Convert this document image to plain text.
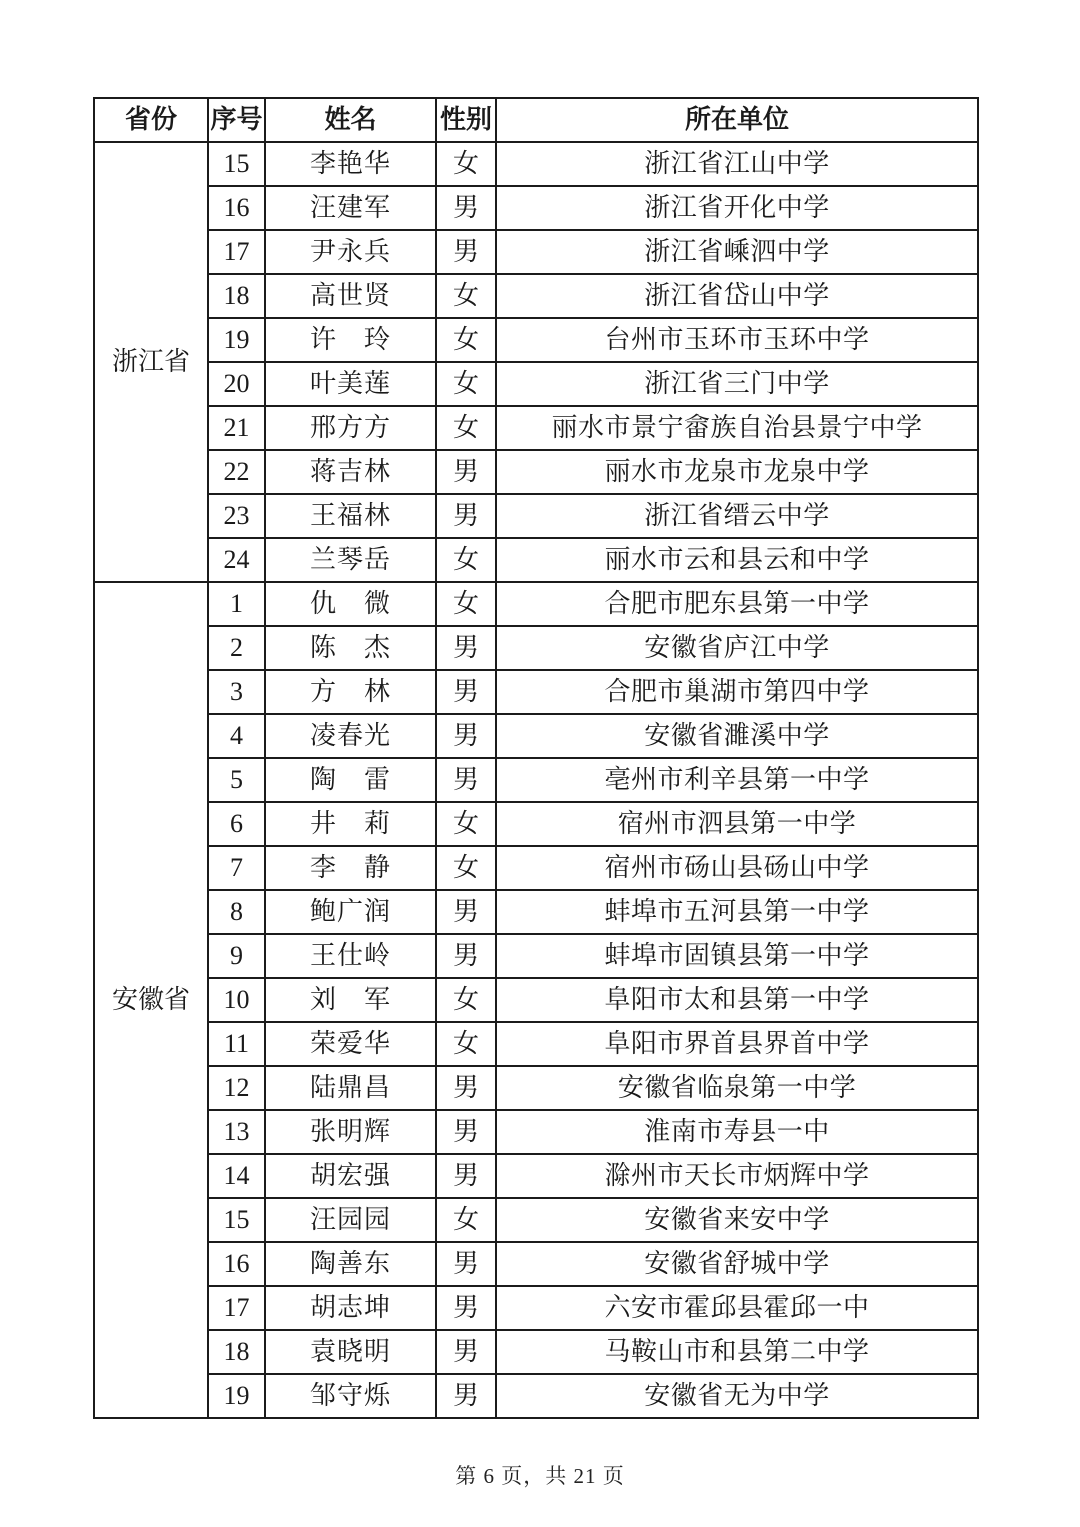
省份	序号	姓名	性别	所在单位
浙江省	15	李艳华	女	浙江省江山中学
	16	汪建军	男	浙江省开化中学
	17	尹永兵	男	浙江省嵊泗中学
	18	高世贤	女	浙江省岱山中学
	19	许　玲	女	台州市玉环市玉环中学
	20	叶美莲	女	浙江省三门中学
	21	邢方方	女	丽水市景宁畲族自治县景宁中学
	22	蒋吉林	男	丽水市龙泉市龙泉中学
	23	王福林	男	浙江省缙云中学
	24	兰琴岳	女	丽水市云和县云和中学
安徽省	1	仇　微	女	合肥市肥东县第一中学
	2	陈　杰	男	安徽省庐江中学
	3	方　林	男	合肥市巢湖市第四中学
	4	凌春光	男	安徽省濉溪中学
	5	陶　雷	男	亳州市利辛县第一中学
	6	井　莉	女	宿州市泗县第一中学
	7	李　静	女	宿州市砀山县砀山中学
	8	鲍广润	男	蚌埠市五河县第一中学
	9	王仕岭	男	蚌埠市固镇县第一中学
	10	刘　军	女	阜阳市太和县第一中学
	11	荣爱华	女	阜阳市界首县界首中学
	12	陆鼎昌	男	安徽省临泉第一中学
	13	张明辉	男	淮南市寿县一中
	14	胡宏强	男	滁州市天长市炳辉中学
	15	汪园园	女	安徽省来安中学
	16	陶善东	男	安徽省舒城中学
	17	胡志坤	男	六安市霍邱县霍邱一中
	18	袁晓明	男	马鞍山市和县第二中学
	19	邹守烁	男	安徽省无为中学
第 6 页，共 21 页
